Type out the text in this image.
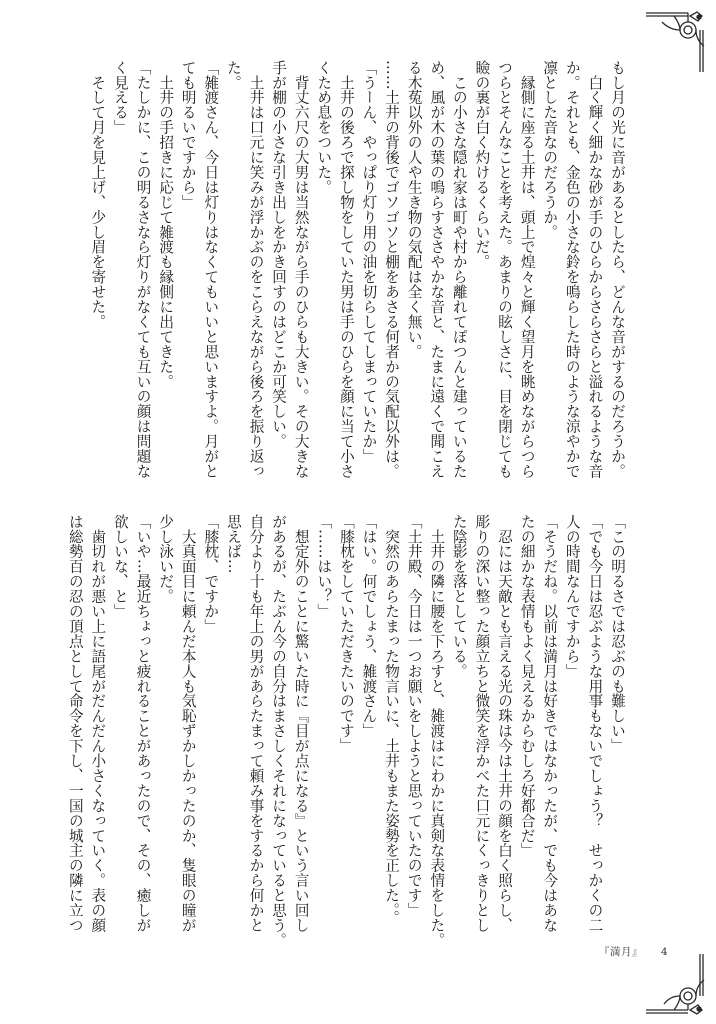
もし月の光に音があるとしたら、どんな音がするのだろうか。

　白く輝く細かな砂が手のひらからさらさらと溢れるような音

か。それとも、金色の小さな鈴を鳴らした時のような涼やかで

凛とした音なのだろうか。

　縁側に座る土井は、頭上で煌々と輝く望月を眺めながらつら

つらとそんなことを考えた。あまりの眩しさに、目を閉じても

瞼の裏が白く灼けるくらいだ。

　この小さな隠れ家は町や村から離れてぽつんと建っているた

め、風が木の葉の鳴らすささやかな音と、たまに遠くで聞こえ

る木菟以外の人や生き物の気配は全く無い。

……土井の背後でゴソゴソと棚をあさる何者かの気配以外は。

「うーん、やっぱり灯り用の油を切らしてしまっていたか」

　土井の後ろで探し物をしていた男は手のひらを顔に当て小さ

くため息をついた。

　背丈六尺の大男は当然ながら手のひらも大きい。その大きな

手が棚の小さな引き出しをかき回すのはどこか可笑しい。

　土井は口元に笑みが浮かぶのをこらえながら後ろを振り返っ

た。

「雑渡さん、今日は灯りはなくてもいいと思いますよ。月がと

ても明るいですから」

　土井の手招きに応じて雑渡も縁側に出てきた。

「たしかに、この明るさなら灯りがなくても互いの顔は問題な

く見える」

　そして月を見上げ、少し眉を寄せた。

「この明るさでは忍ぶのも難しい」

「でも今日は忍ぶような用事もないでしょう？　せっかくの二

人の時間なんですから」

「そうだね。以前は満月は好きではなかったが、でも今はあな

たの細かな表情もよく見えるからむしろ好都合だ」

　忍には天敵とも言える光の珠は今は土井の顔を白く照らし、

彫りの深い整った顔立ちと微笑を浮かべた口元にくっきりとし

た陰影を落としている。

　土井の隣に腰を下ろすと、雑渡はにわかに真剣な表情をした。

「土井殿、今日は一つお願いをしようと思っていたのです」

　突然のあらたまった物言いに、土井もまた姿勢を正した。。

「はい。何でしょう、雑渡さん」

「膝枕をしていただきたいのです」

「……はい？」

　想定外のことに驚いた時に『目が点になる』という言い回し

があるが、たぶん今の自分はまさしくそれになっていると思う。

自分より十も年上の男があらたまって頼み事をするから何かと

思えば…

「膝枕、ですか」

　大真面目に頼んだ本人も気恥ずかしかったのか、隻眼の瞳が

少し泳いだ。

「いや…最近ちょっと疲れることがあったので、その、癒しが

欲しいな、と」

　歯切れが悪い上に語尾がだんだん小さくなっていく。表の顔

は総勢百の忍の頂点として命令を下し、一国の城主の隣に立つ

『満月』 4
